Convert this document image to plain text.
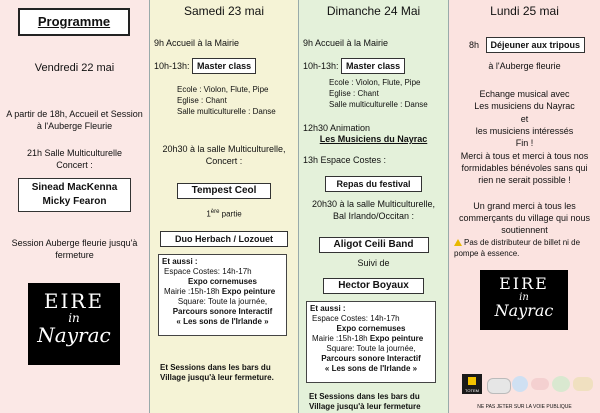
Programme
Vendredi 22 mai
A partir de 18h, Accueil et Session
à l'Auberge Fleurie
21h Salle Multiculturelle
Concert :
Sinead MacKenna
Micky Fearon
Session Auberge fleurie jusqu'à
fermeture
EIRE
in
Nayrac
Samedi 23 mai
9h Accueil à la Mairie
10h-13h: Master class
Ecole : Violon, Flute, Pipe
Eglise : Chant
Salle multiculturelle : Danse
20h30 à la salle Multiculturelle,
Concert :
Tempest Ceol
1ère partie
Duo Herbach / Lozouet
Et aussi :
Espace Costes: 14h-17h
Expo cornemuses
Mairie :15h-18h Expo peinture
Square: Toute la journée,
Parcours sonore Interactif
« Les sons de l'Irlande »
Et Sessions dans les bars du
Village jusqu'à leur fermeture.
Dimanche 24 Mai
9h Accueil à la Mairie
10h-13h: Master class
Ecole : Violon, Flute, Pipe
Eglise : Chant
Salle multiculturelle : Danse
12h30 Animation
Les Musiciens du Nayrac
13h Espace Costes :
Repas du festival
20h30 à la salle Multiculturelle,
Bal Irlando/Occitan :
Aligot Ceili Band
Suivi de
Hector Boyaux
Et aussi :
Espace Costes: 14h-17h
Expo cornemuses
Mairie :15h-18h Expo peinture
Square: Toute la journée,
Parcours sonore Interactif
« Les sons de l'Irlande »
Et Sessions dans les bars du
Village jusqu'à leur fermeture
Lundi 25 mai
8h Déjeuner aux tripous
à l'Auberge fleurie
Echange musical avec
Les musiciens du Nayrac
et
les musiciens intéressés
Fin !
Merci à tous et merci à tous nos
formidables bénévoles sans qui
rien ne serait possible !
Un grand merci à tous les
commerçants du village qui nous
soutiennent
Pas de distributeur de billet ni de
pompe à essence.
EIRE
in
Nayrac
TOTEM
NE PAS JETER SUR LA VOIE PUBLIQUE
